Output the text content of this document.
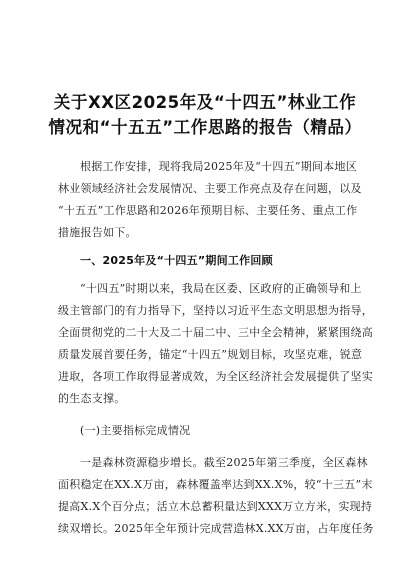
关于XX区2025年及“十四五”林业工作
情况和“十五五”工作思路的报告（精品）
根据工作安排，现将我局2025年及“十四五”期间本地区
林业领域经济社会发展情况、主要工作亮点及存在问题，以及
“十五五”工作思路和2026年预期目标、主要任务、重点工作
措施报告如下。
一、2025年及“十四五”期间工作回顾
“十四五”时期以来，我局在区委、区政府的正确领导和上
级主管部门的有力指导下，坚持以习近平生态文明思想为指导，
全面贯彻党的二十大及二十届二中、三中全会精神，紧紧围绕高
质量发展首要任务，锚定“十四五”规划目标，攻坚克难，锐意
进取，各项工作取得显著成效，为全区经济社会发展提供了坚实
的生态支撑。
(一)主要指标完成情况
一是森林资源稳步增长。截至2025年第三季度，全区森林
面积稳定在XX.X万亩，森林覆盖率达到XX.X%，较“十三五”末
提高X.X个百分点；活立木总蓄积量达到XXX万立方米，实现持
续双增长。2025年全年预计完成营造林X.XX万亩，占年度任务
